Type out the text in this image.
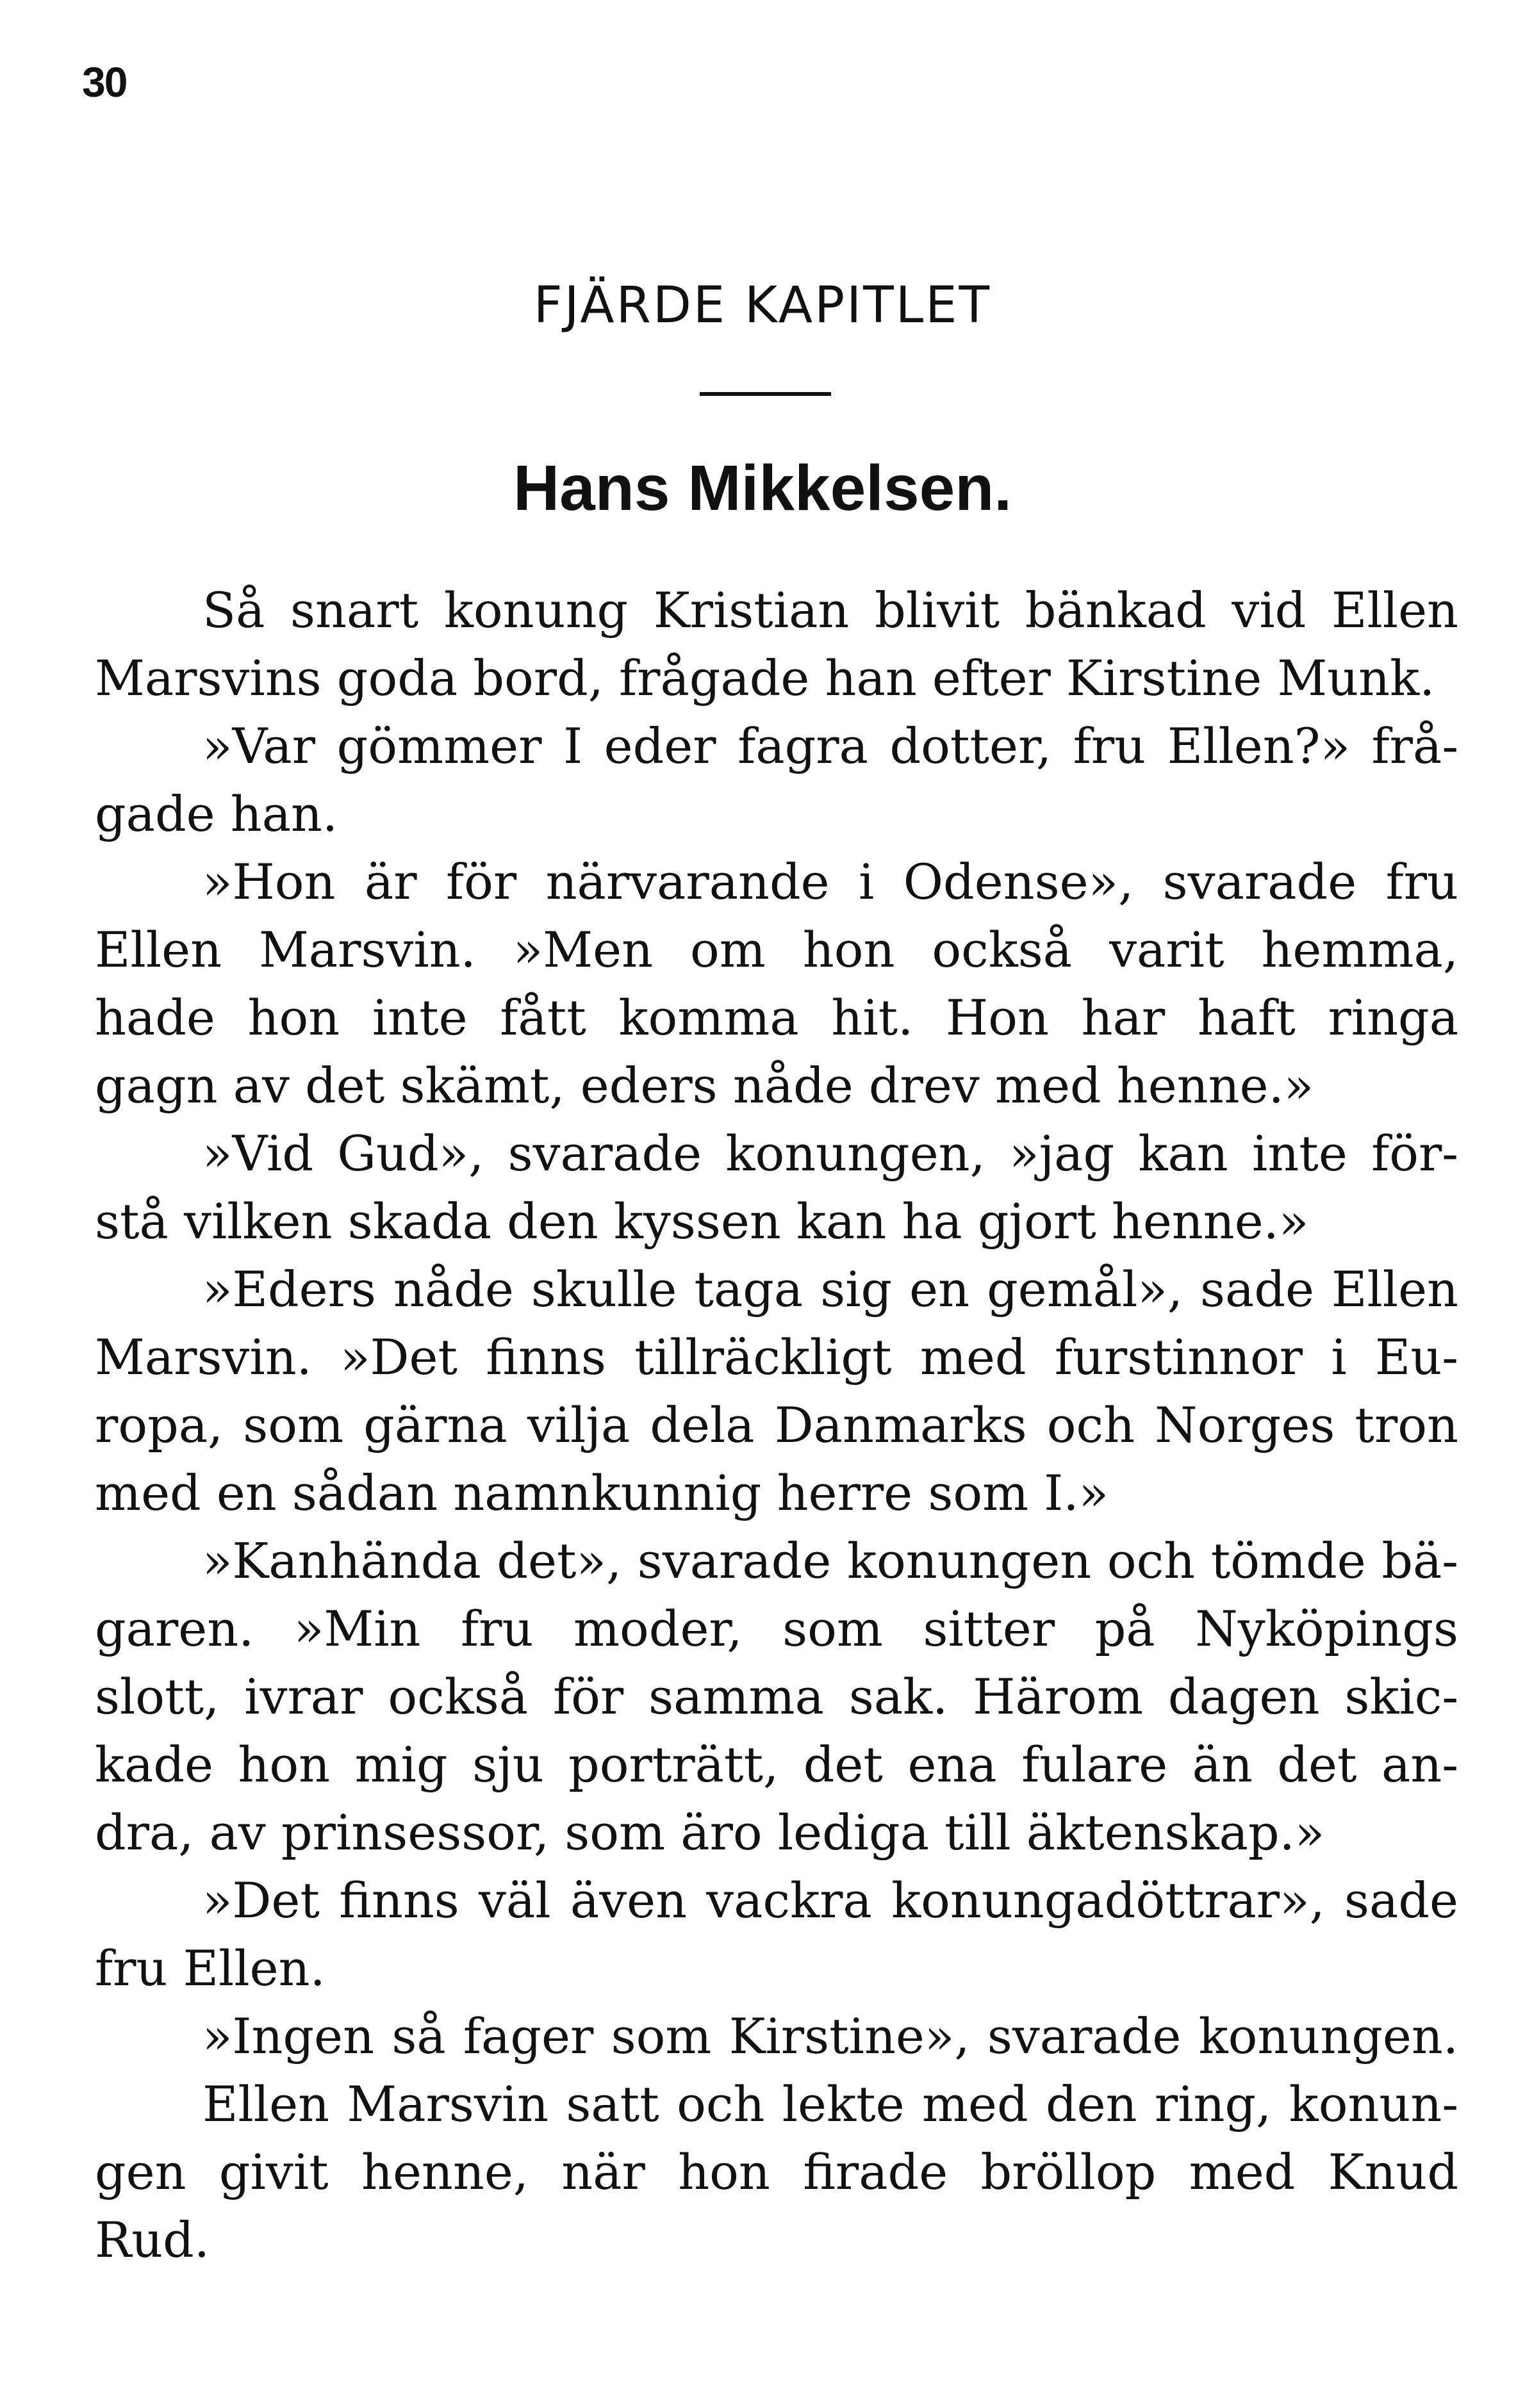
30
FJÄRDE KAPITLET
Hans Mikkelsen.
Så snart konung Kristian blivit bänkad vid Ellen
Marsvins goda bord, frågade han efter Kirstine Munk.
»Var gömmer I eder fagra dotter, fru Ellen?» frå-
gade han.
»Hon är för närvarande i Odense», svarade fru
Ellen Marsvin. »Men om hon också varit hemma,
hade hon inte fått komma hit. Hon har haft ringa
gagn av det skämt, eders nåde drev med henne.»
»Vid Gud», svarade konungen, »jag kan inte för-
stå vilken skada den kyssen kan ha gjort henne.»
»Eders nåde skulle taga sig en gemål», sade Ellen
Marsvin. »Det finns tillräckligt med furstinnor i Eu-
ropa, som gärna vilja dela Danmarks och Norges tron
med en sådan namnkunnig herre som I.»
»Kanhända det», svarade konungen och tömde bä-
garen. »Min fru moder, som sitter på Nyköpings
slott, ivrar också för samma sak. Härom dagen skic-
kade hon mig sju porträtt, det ena fulare än det an-
dra, av prinsessor, som äro lediga till äktenskap.»
»Det finns väl även vackra konungadöttrar», sade
fru Ellen.
»Ingen så fager som Kirstine», svarade konungen.
Ellen Marsvin satt och lekte med den ring, konun-
gen givit henne, när hon firade bröllop med Knud
Rud.
